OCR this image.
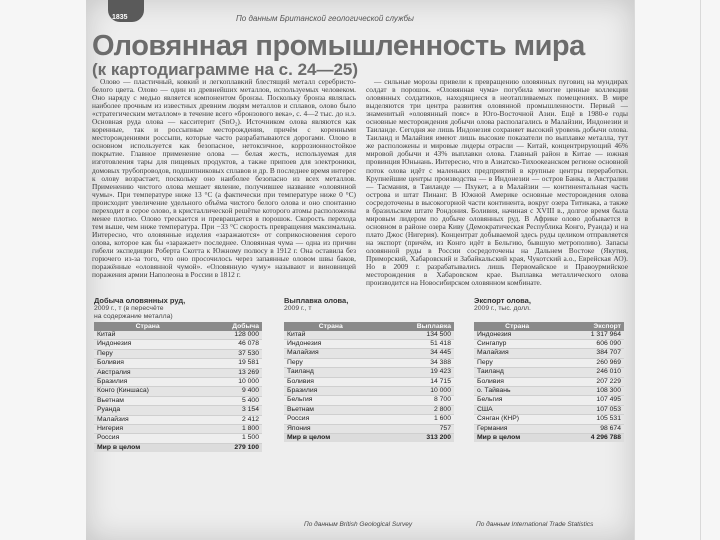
1835	По данным Британской геологической службы
Оловянная промышленность мира
(к картодиаграмме на с. 24—25)

Олово — пластичный, ковкий и легкоплавкий блестящий металл серебристо-белого цвета. Олово — один из древнейших металлов, используемых человеком. Оно наряду с медью является компонентом бронзы. Поскольку бронза являлась наиболее прочным из известных древним людям металлов и сплавов, олово было «стратегическим металлом» в течение всего «бронзового века», с. 4—2 тыс. до н.э. Основная руда олова — касситерит (SnO₂). Источником олова являются как коренные, так и россыпные месторождения, причём с коренными месторождениями россыпи, которые часто разрабатываются дорогами. Олово в основном используется как безопасное, нетоксичное, коррозионностойкое покрытие. Главное применение олова — белая жесть, используемая для изготовления тары для пищевых продуктов, а также припоев для электроники, домовых трубопроводов, подшипниковых сплавов и др. В последнее время интерес к олову возрастает, поскольку оно наиболее безопасно из всех металлов. Применению чистого олова мешает явление, получившее название «оловянной чумы». При температуре ниже 13 °С (а фактически при температуре ниже 0 °С) происходит увеличение удельного объёма чистого белого олова и оно спонтанно переходит в серое олово, в кристаллической решётке которого атомы расположены менее плотно. Олово трескается и превращается в порошок. Скорость перехода тем выше, чем ниже температура. При −33 °С скорость превращения максимальна. Интересно, что оловянные изделия «заражаются» от соприкосновения серого олова, которое как бы «заражает» последнее. Оловянная чума — одна из причин гибели экспедиции Роберта Скотта к Южному полюсу в 1912 г. Она оставила без горючего из-за того, что оно просочилось через запаянные оловом швы баков, поражённые «оловянной чумой». «Оловянную чуму» называют и виновницей поражения армии Наполеона в России в 1812 г.

— сильные морозы привели к превращению оловянных пуговиц на мундирах солдат в порошок. «Оловянная чума» погубила многие ценные коллекции оловянных солдатиков, находящиеся в неотапливаемых помещениях. В мире выделяются три центра развития оловянной промышленности. Первый — знаменитый «оловянный пояс» в Юго-Восточной Азии. Ещё в 1980-е годы основные месторождения добычи олова располагались в Малайзии, Индонезии и Таиланде. Сегодня же лишь Индонезия сохраняет высокий уровень добычи олова. Таиланд и Малайзия имеют лишь высокие показатели по выплавке металла, тут же расположены и мировые лидеры отрасли — Китай, концентрирующий 46% мировой добычи и 43% выплавки олова. Главный район в Китае — южная провинция Юньнань. Интересно, что в Азиатско-Тихоокеанском регионе основной поток олова идёт с маленьких предприятий в крупные центры переработки. Крупнейшие центры производства — в Индонезии — остров Банка, в Австралии — Тасмания, в Таиланде — Пхукет, а в Малайзии — континентальная часть острова и штат Пинанг. В Южной Америке основные месторождения олова сосредоточены в высокогорной части континента, вокруг озера Титикака, а также в бразильском штате Рондония. Боливия, начиная с XVIII в., долгое время была мировым лидером по добыче оловянных руд. В Африке олово добывается в основном в районе озера Киву (Демократическая Республика Конго, Руанда) и на плато Джос (Нигерия). Концентрат добываемой здесь руды целиком отправляется на экспорт (причём, из Конго идёт в Бельгию, бывшую метрополию). Запасы оловянной руды в России сосредоточены на Дальнем Востоке (Якутия, Приморский, Хабаровский и Забайкальский края, Чукотский а.о., Еврейская АО). Но в 2009 г. разрабатывались лишь Первомайское и Правоурмийское месторождения в Хабаровском крае. Выплавка металлического олова производится на Новосибирском оловянном комбинате.

Добыча оловянных руд,
2009 г., т (в пересчёте
на содержание металла)
Страна	Добыча
Китай	128 000
Индонезия	46 078
Перу	37 530
Боливия	19 581
Австралия	13 269
Бразилия	10 000
Конго (Киншаса)	9 400
Вьетнам	5 400
Руанда	3 154
Малайзия	2 412
Нигерия	1 800
Россия	1 500
Мир в целом	279 100
Выплавка олова,
2009 г., т
Страна	Выплавка
Китай	134 500
Индонезия	51 418
Малайзия	34 445
Перу	34 388
Таиланд	19 423
Боливия	14 715
Бразилия	10 000
Бельгия	8 700
Вьетнам	2 800
Россия	1 600
Япония	757
Мир в целом	313 200
Экспорт олова,
2009 г., тыс. долл.
Страна	Экспорт
Индонезия	1 317 964
Сингапур	606 090
Малайзия	384 707
Перу	260 969
Таиланд	246 010
Боливия	207 229
о. Тайвань	108 300
Бельгия	107 495
США	107 053
Сянган (КНР)	105 531
Германия	98 674
Мир в целом	4 296 788
По данным British Geological Survey	По данным International Trade Statistics
